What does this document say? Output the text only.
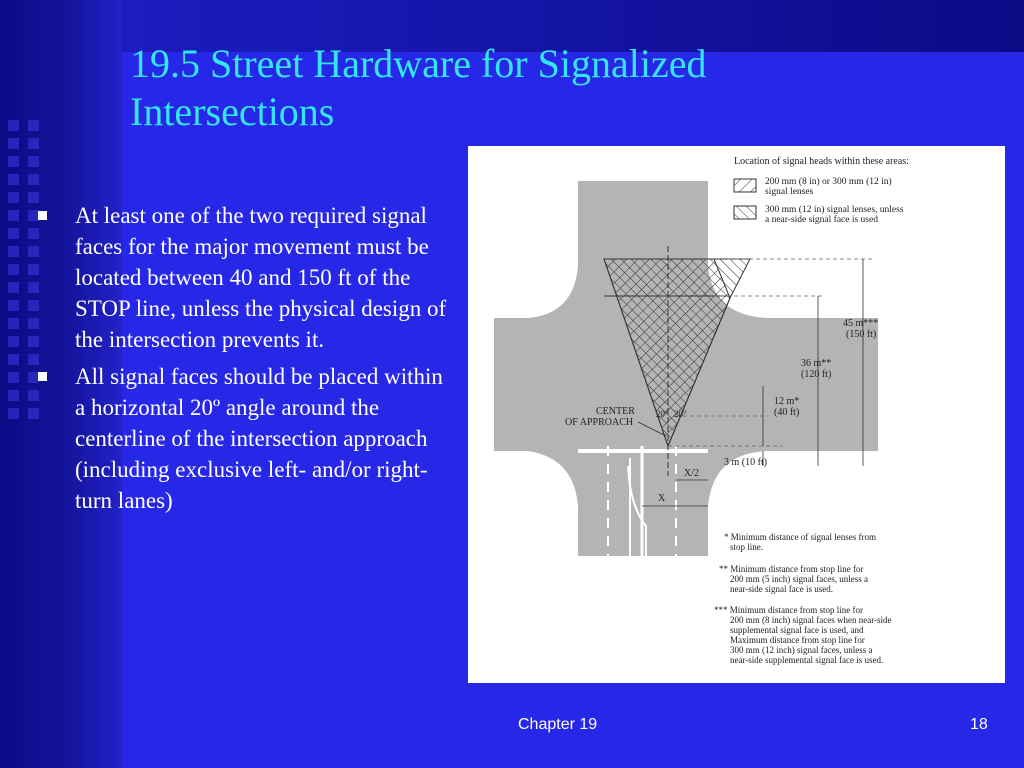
19.5 Street Hardware for Signalized Intersections
At least one of the two required signal faces for the major movement must be located between 40 and 150 ft of the STOP line, unless the physical design of the intersection prevents it.
All signal faces should be placed within a horizontal 20º angle around the centerline of the intersection approach (including exclusive left- and/or right-turn lanes)
45 m***
(150 ft)
36 m**
(120 ft)
12 m*
(40 ft)
3 m (10 ft)
CENTER
OF APPROACH
20° 20°
X/2
X
Location of signal heads within these areas:
200 mm (8 in) or 300 mm (12 in)
signal lenses
300 mm (12 in) signal lenses, unless
a near-side signal face is used
* Minimum distance of signal lenses from
stop line.
** Minimum distance from stop line for
200 mm (5 inch) signal faces, unless a
near-side signal face is used.
*** Minimum distance from stop line for
200 mm (8 inch) signal faces when near-side
supplemental signal face is used, and
Maximum distance from stop line for
300 mm (12 inch) signal faces, unless a
near-side supplemental signal face is used.
Chapter 19	18
